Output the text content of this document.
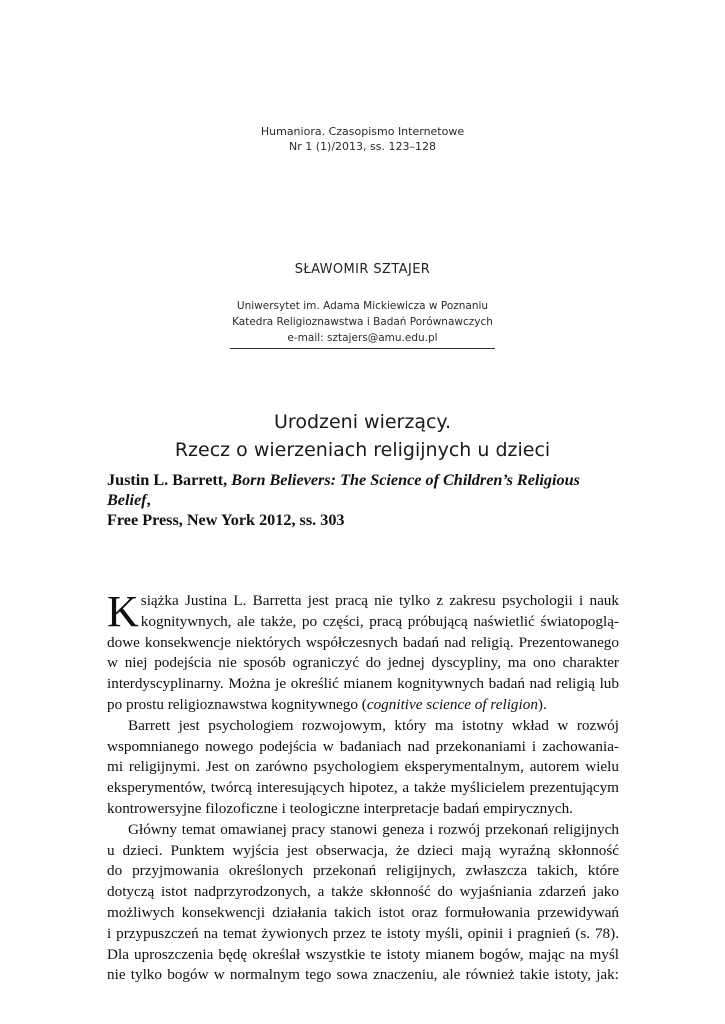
Humaniora. Czasopismo Internetowe
Nr 1 (1)/2013, ss. 123–128
SŁAWOMIR SZTAJER
Uniwersytet im. Adama Mickiewicza w Poznaniu
Katedra Religioznawstwa i Badań Porównawczych
e-mail: sztajers@amu.edu.pl
Urodzeni wierzący.
Rzecz o wierzeniach religijnych u dzieci
Justin L. Barrett, Born Believers: The Science of Children’s Religious Belief,
Free Press, New York 2012, ss. 303

K siążka Justina L. Barretta jest pracą nie tylko z zakresu psychologii i nauk
kognitywnych, ale także, po części, pracą próbującą naświetlić światopoglą-
dowe konsekwencje niektórych współczesnych badań nad religią. Prezentowanego
w niej podejścia nie sposób ograniczyć do jednej dyscypliny, ma ono charakter
interdyscyplinarny. Można je określić mianem kognitywnych badań nad religią lub
po prostu religioznawstwa kognitywnego (cognitive science of religion).

Barrett jest psychologiem rozwojowym, który ma istotny wkład w rozwój
wspomnianego nowego podejścia w badaniach nad przekonaniami i zachowania-
mi religijnymi. Jest on zarówno psychologiem eksperymentalnym, autorem wielu
eksperymentów, twórcą interesujących hipotez, a także myślicielem prezentującym
kontrowersyjne filozoficzne i teologiczne interpretacje badań empirycznych.

Główny temat omawianej pracy stanowi geneza i rozwój przekonań religijnych
u dzieci. Punktem wyjścia jest obserwacja, że dzieci mają wyraźną skłonność
do przyjmowania określonych przekonań religijnych, zwłaszcza takich, które
dotyczą istot nadprzyrodzonych, a także skłonność do wyjaśniania zdarzeń jako
możliwych konsekwencji działania takich istot oraz formułowania przewidywań
i przypuszczeń na temat żywionych przez te istoty myśli, opinii i pragnień (s. 78).
Dla uproszczenia będę określał wszystkie te istoty mianem bogów, mając na myśl
nie tylko bogów w normalnym tego sowa znaczeniu, ale również takie istoty, jak:
